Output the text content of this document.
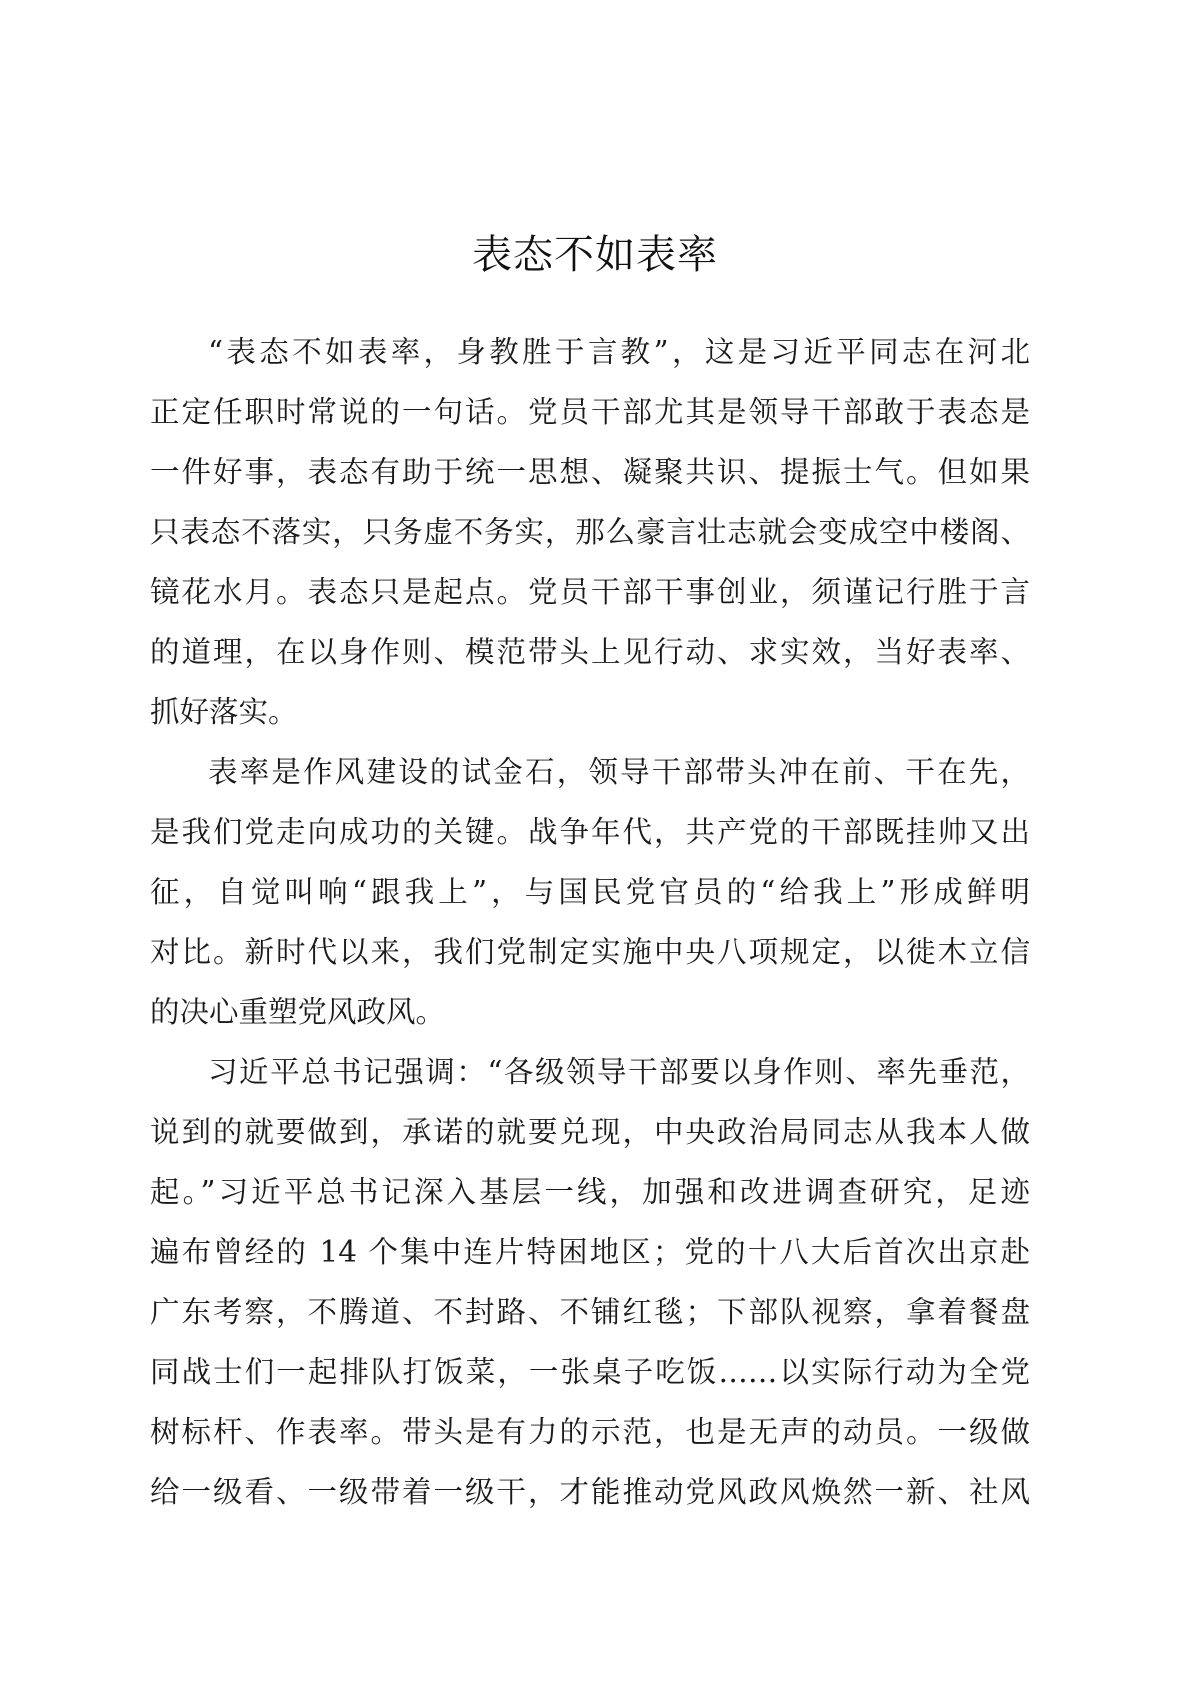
表态不如表率
“表态不如表率，身教胜于言教”，这是习近平同志在河北
正定任职时常说的一句话。党员干部尤其是领导干部敢于表态是
一件好事，表态有助于统一思想、凝聚共识、提振士气。但如果
只表态不落实，只务虚不务实，那么豪言壮志就会变成空中楼阁、
镜花水月。表态只是起点。党员干部干事创业，须谨记行胜于言
的道理，在以身作则、模范带头上见行动、求实效，当好表率、
抓好落实。
表率是作风建设的试金石，领导干部带头冲在前、干在先，
是我们党走向成功的关键。战争年代，共产党的干部既挂帅又出
征，自觉叫响“跟我上”，与国民党官员的“给我上”形成鲜明
对比。新时代以来，我们党制定实施中央八项规定，以徙木立信
的决心重塑党风政风。
习近平总书记强调：“各级领导干部要以身作则、率先垂范，
说到的就要做到，承诺的就要兑现，中央政治局同志从我本人做
起。”习近平总书记深入基层一线，加强和改进调查研究，足迹
遍布曾经的 14 个集中连片特困地区；党的十八大后首次出京赴
广东考察，不腾道、不封路、不铺红毯；下部队视察，拿着餐盘
同战士们一起排队打饭菜，一张桌子吃饭……以实际行动为全党
树标杆、作表率。带头是有力的示范，也是无声的动员。一级做
给一级看、一级带着一级干，才能推动党风政风焕然一新、社风
